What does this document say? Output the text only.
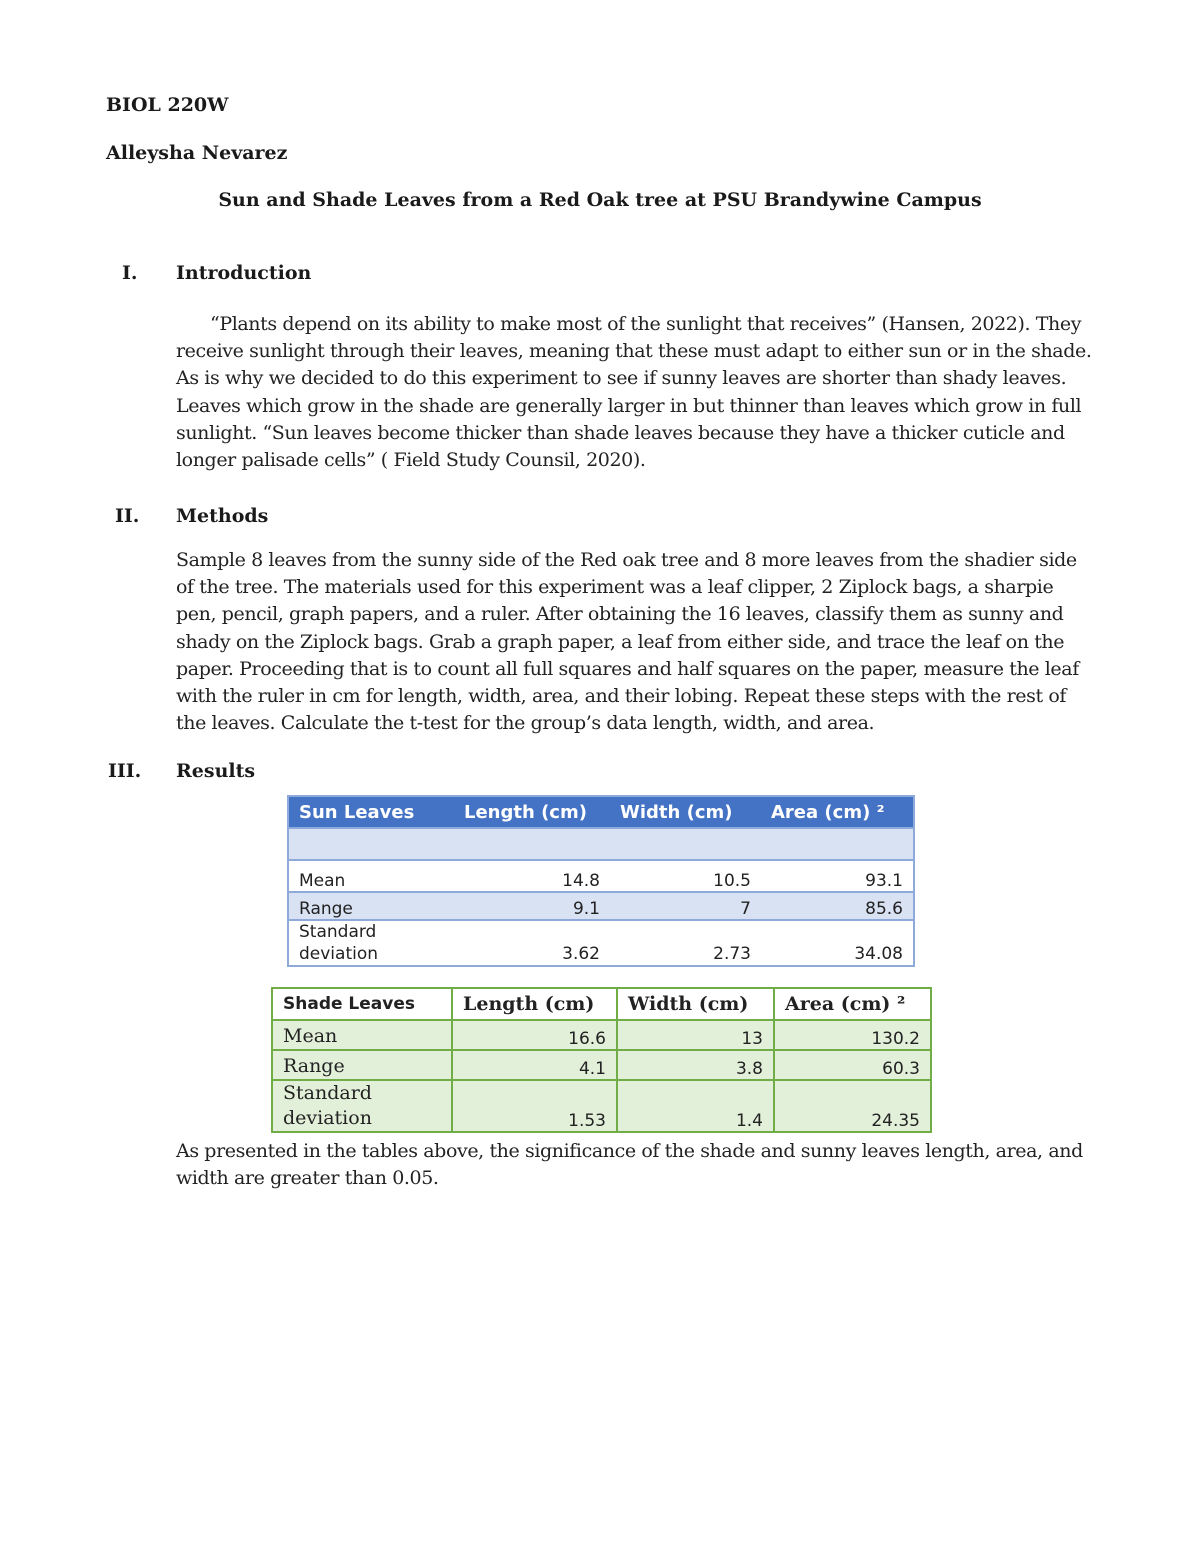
BIOL 220W

Alleysha Nevarez

Sun and Shade Leaves from a Red Oak tree at PSU Brandywine Campus

I. Introduction

“Plants depend on its ability to make most of the sunlight that receives” (Hansen, 2022). They receive sunlight through their leaves, meaning that these must adapt to either sun or in the shade. As is why we decided to do this experiment to see if sunny leaves are shorter than shady leaves. Leaves which grow in the shade are generally larger in but thinner than leaves which grow in full sunlight. “Sun leaves become thicker than shade leaves because they have a thicker cuticle and longer palisade cells” ( Field Study Counsil, 2020).

II. Methods

Sample 8 leaves from the sunny side of the Red oak tree and 8 more leaves from the shadier side of the tree. The materials used for this experiment was a leaf clipper, 2 Ziplock bags, a sharpie pen, pencil, graph papers, and a ruler. After obtaining the 16 leaves, classify them as sunny and shady on the Ziplock bags. Grab a graph paper, a leaf from either side, and trace the leaf on the paper. Proceeding that is to count all full squares and half squares on the paper, measure the leaf with the ruler in cm for length, width, area, and their lobing. Repeat these steps with the rest of the leaves. Calculate the t-test for the group’s data length, width, and area.

III. Results

Sun Leaves	Length (cm)	Width (cm)	Area (cm) ²

Mean	14.8	10.5	93.1
Range	9.1	7	85.6
Standard
deviation	3.62	2.73	34.08
Shade Leaves	Length (cm)	Width (cm)	Area (cm) ²
Mean	16.6	13	130.2
Range	4.1	3.8	60.3
Standard
deviation	1.53	1.4	24.35

As presented in the tables above, the significance of the shade and sunny leaves length, area, and width are greater than 0.05.
